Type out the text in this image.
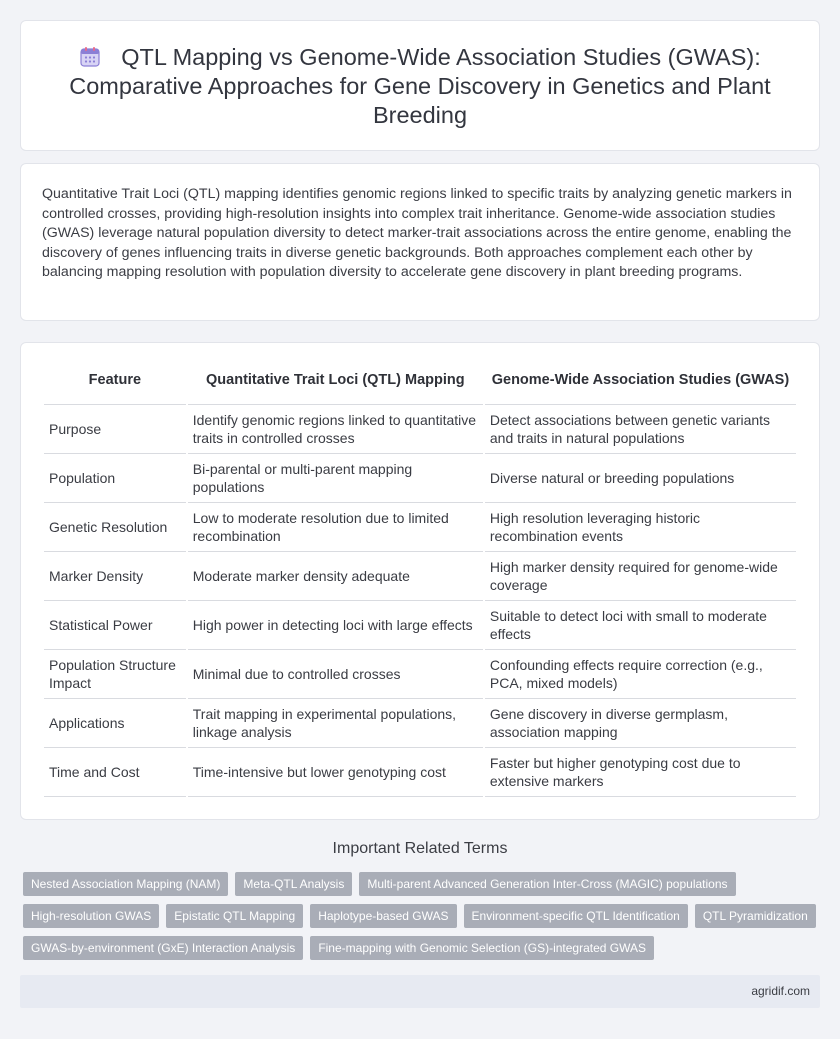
QTL Mapping vs Genome-Wide Association Studies (GWAS): Comparative Approaches for Gene Discovery in Genetics and Plant Breeding

Quantitative Trait Loci (QTL) mapping identifies genomic regions linked to specific traits by analyzing genetic markers in controlled crosses, providing high-resolution insights into complex trait inheritance. Genome-wide association studies (GWAS) leverage natural population diversity to detect marker-trait associations across the entire genome, enabling the discovery of genes influencing traits in diverse genetic backgrounds. Both approaches complement each other by balancing mapping resolution with population diversity to accelerate gene discovery in plant breeding programs.

Feature	Quantitative Trait Loci (QTL) Mapping	Genome-Wide Association Studies (GWAS)
Purpose	Identify genomic regions linked to quantitative traits in controlled crosses	Detect associations between genetic variants and traits in natural populations
Population	Bi-parental or multi-parent mapping populations	Diverse natural or breeding populations
Genetic Resolution	Low to moderate resolution due to limited recombination	High resolution leveraging historic recombination events
Marker Density	Moderate marker density adequate	High marker density required for genome-wide coverage
Statistical Power	High power in detecting loci with large effects	Suitable to detect loci with small to moderate effects
Population Structure Impact	Minimal due to controlled crosses	Confounding effects require correction (e.g., PCA, mixed models)
Applications	Trait mapping in experimental populations, linkage analysis	Gene discovery in diverse germplasm, association mapping
Time and Cost	Time-intensive but lower genotyping cost	Faster but higher genotyping cost due to extensive markers
Important Related Terms
Nested Association Mapping (NAM)	Meta-QTL Analysis	Multi-parent Advanced Generation Inter-Cross (MAGIC) populations
High-resolution GWAS	Epistatic QTL Mapping	Haplotype-based GWAS	Environment-specific QTL Identification	QTL Pyramidization
GWAS-by-environment (GxE) Interaction Analysis	Fine-mapping with Genomic Selection (GS)-integrated GWAS
agridif.com
